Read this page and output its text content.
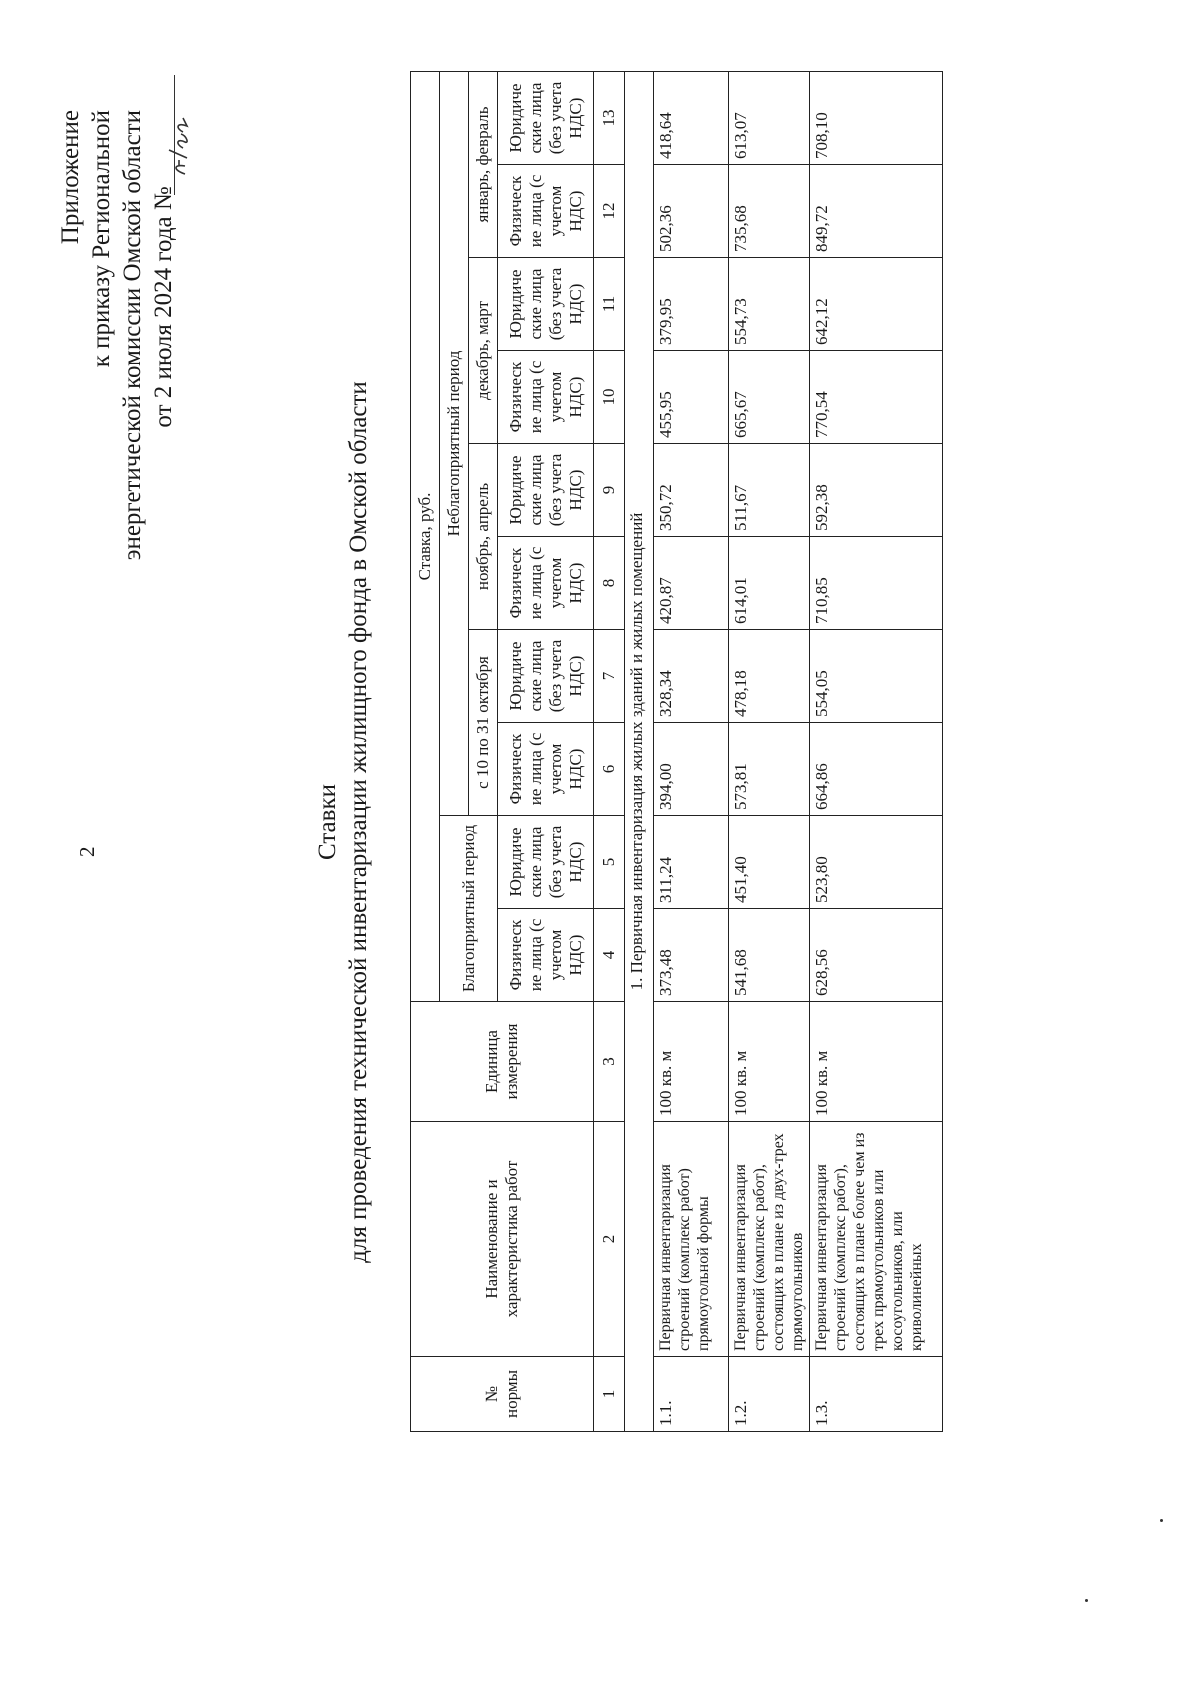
2
Приложение к приказу Региональной энергетической комиссии Омской области от 2 июля 2024 года №
Ставки для проведения технической инвентаризации жилищного фонда в Омской области
№ нормы	Наименование и характеристика работ	Единица измерения	Ставка, руб.									
			Благоприятный период		Неблагоприятный период							
					с 10 по 31 октября		ноябрь, апрель		декабрь, март		январь, февраль	
			Физическ ие лица (с учетом НДС)	Юридиче ские лица (без учета НДС)	Физическ ие лица (с учетом НДС)	Юридиче ские лица (без учета НДС)	Физическ ие лица (с учетом НДС)	Юридиче ские лица (без учета НДС)	Физическ ие лица (с учетом НДС)	Юридиче ские лица (без учета НДС)	Физическ ие лица (с учетом НДС)	Юридиче ские лица (без учета НДС)
1	2	3	4	5	6	7	8	9	10	11	12	13
1. Первичная инвентаризация жилых зданий и жилых помещений												
1.1.	Первичная инвентаризация строений (комплекс работ) прямоугольной формы	100 кв. м	373,48	311,24	394,00	328,34	420,87	350,72	455,95	379,95	502,36	418,64
1.2.	Первичная инвентаризация строений (комплекс работ), состоящих в плане из двух-трех прямоугольников	100 кв. м	541,68	451,40	573,81	478,18	614,01	511,67	665,67	554,73	735,68	613,07
1.3.	Первичная инвентаризация строений (комплекс работ), состоящих в плане более чем из трех прямоугольников или косоугольников, или криволинейных	100 кв. м	628,56	523,80	664,86	554,05	710,85	592,38	770,54	642,12	849,72	708,10
